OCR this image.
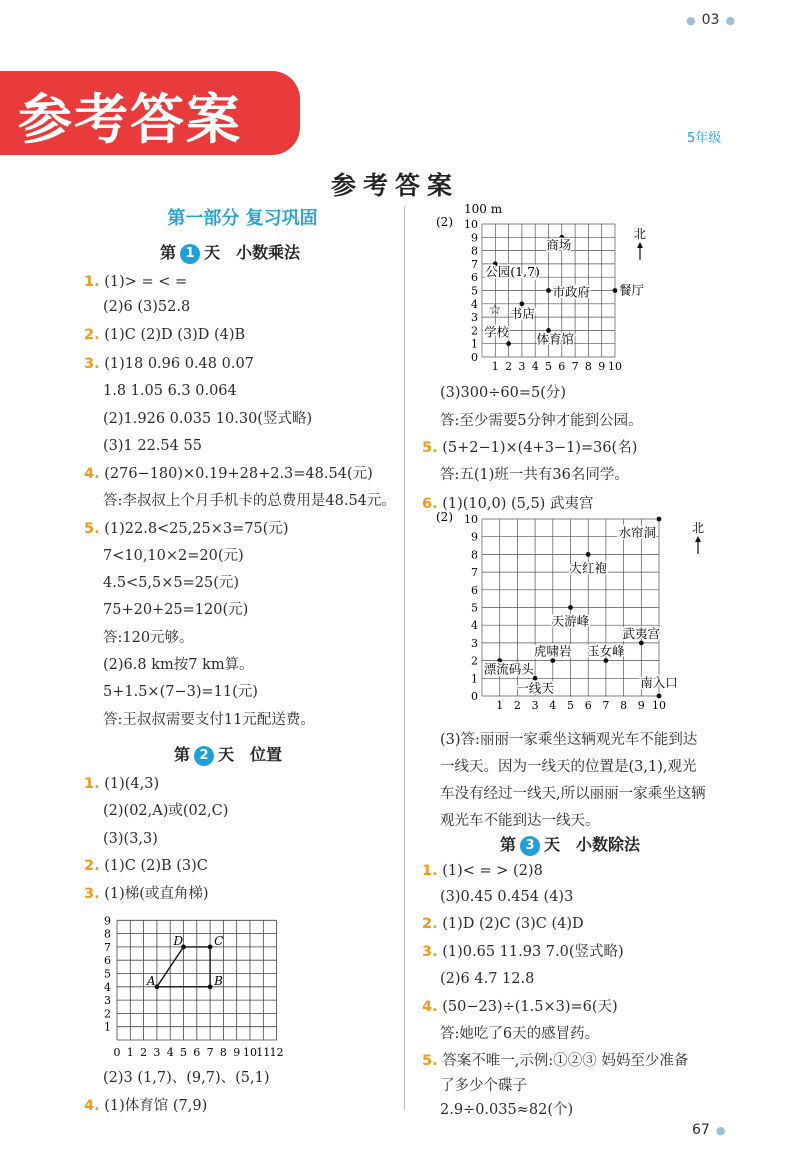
● 03 ●
参考答案	5年级
参考答案
第一部分 复习巩固
第 1 天 小数乘法
第 2 天 位置
第 3 天 小数除法
1. (1)> = < =
(2)6 (3)52.8
2. (1)C (2)D (3)D (4)B
3. (1)18 0.96 0.48 0.07
1.8 1.05 6.3 0.064
(2)1.926 0.035 10.30(竖式略)
(3)1 22.54 55
4. (276−180)×0.19+28+2.3=48.54(元)
答:李叔叔上个月手机卡的总费用是48.54元。
5. (1)22.8<25,25×3=75(元)
7<10,10×2=20(元)
4.5<5,5×5=25(元)
75+20+25=120(元)
答:120元够。
(2)6.8 km按7 km算。
5+1.5×(7−3)=11(元)
答:王叔叔需要支付11元配送费。
1. (1)(4,3)
(2)(02,A)或(02,C)
(3)(3,3)
2. (1)C (2)B (3)C
3. (1)梯(或直角梯)
(2)3 (1,7)、(9,7)、(5,1)
4. (1)体育馆 (7,9)
(3)300÷60=5(分)
答:至少需要5分钟才能到公园。
5. (5+2−1)×(4+3−1)=36(名)
答:五(1)班一共有36名同学。
6. (1)(10,0) (5,5) 武夷宫
(3)答:丽丽一家乘坐这辆观光车不能到达
一线天。因为一线天的位置是(3,1),观光
车没有经过一线天,所以丽丽一家乘坐这辆
观光车不能到达一线天。
1. (1)< = > (2)8
(3)0.45 0.454 (4)3
2. (1)D (2)C (3)C (4)D
3. (1)0.65 11.93 7.0(竖式略)
(2)6 4.7 12.8
4. (50−23)÷(1.5×3)=6(天)
答:她吃了6天的感冒药。
5. 答案不唯一,示例:①②③ 妈妈至少准备
了多少个碟子
2.9÷0.035≈82(个)
0 1 2 3 4 5 6 7 8 9 10 11 12
1
2
3
4
5
6
7
8
9
A	B
C
D
0
1
2
3
4
5
6
7
8
9
10
1 2 3 4 5 6 7 8 9 10
(2)
北
商场
公园(1,7)
市政府 餐厅
书店
学校 体育馆
100 m
☆
0
1
2
3
4
5
6
7
8
9
10
1 2 3 4 5 6 7 8 9 10
(2)
北
水帘洞
大红袍
天游峰
武夷宫
虎啸岩 玉女峰
漂流码头
一线天	南入口
67 ●
